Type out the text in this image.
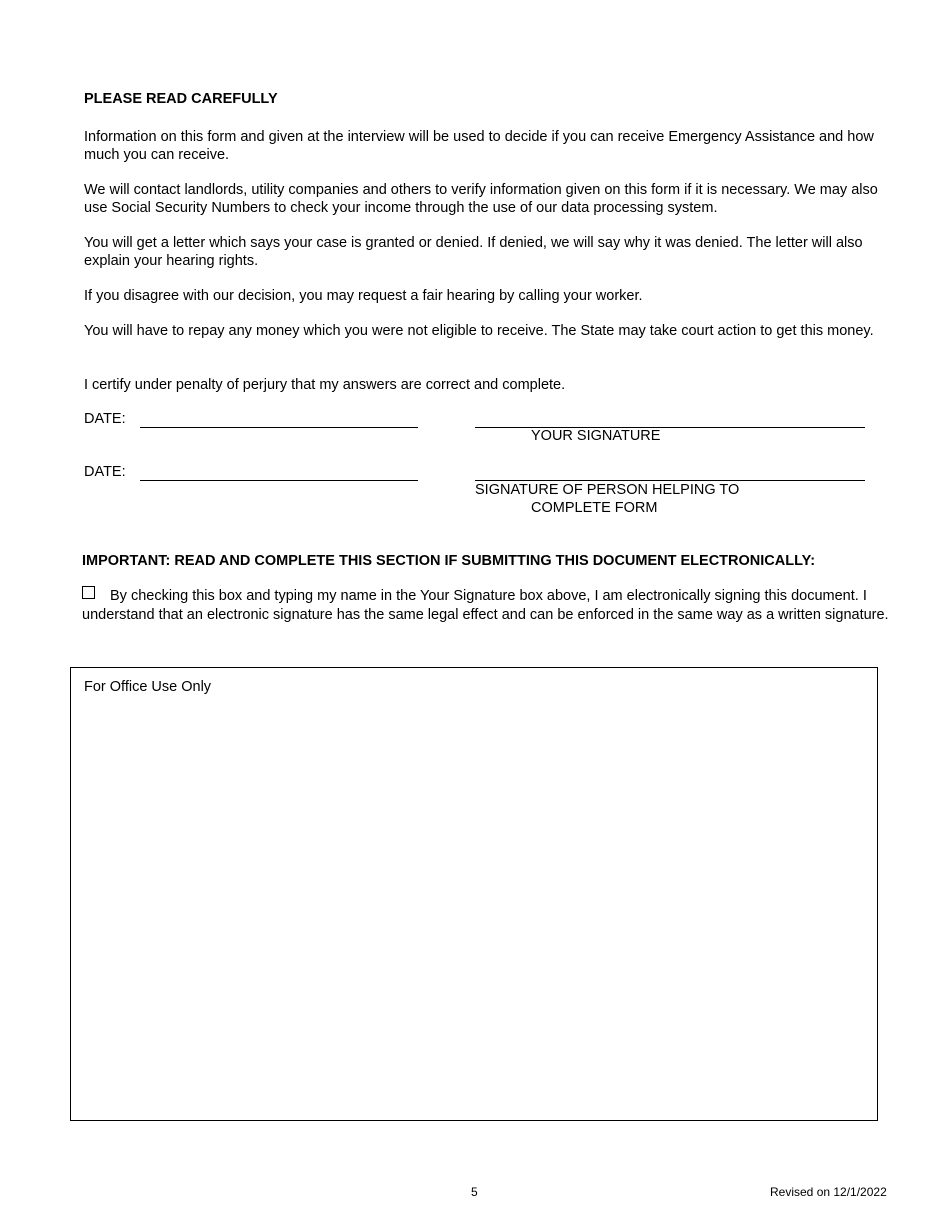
PLEASE READ CAREFULLY

Information on this form and given at the interview will be used to decide if you can receive Emergency Assistance and how much you can receive.

We will contact landlords, utility companies and others to verify information given on this form if it is necessary. We may also use Social Security Numbers to check your income through the use of our data processing system.

You will get a letter which says your case is granted or denied. If denied, we will say why it was denied. The letter will also explain your hearing rights.

If you disagree with our decision, you may request a fair hearing by calling your worker.

You will have to repay any money which you were not eligible to receive. The State may take court action to get this money.

I certify under penalty of perjury that my answers are correct and complete.

DATE:
YOUR SIGNATURE
DATE:
SIGNATURE OF PERSON HELPING TO
COMPLETE FORM
IMPORTANT: READ AND COMPLETE THIS SECTION IF SUBMITTING THIS DOCUMENT ELECTRONICALLY:

By checking this box and typing my name in the Your Signature box above, I am electronically signing this document. I understand that an electronic signature has the same legal effect and can be enforced in the same way as a written signature.

For Office Use Only
5	Revised on 12/1/2022
